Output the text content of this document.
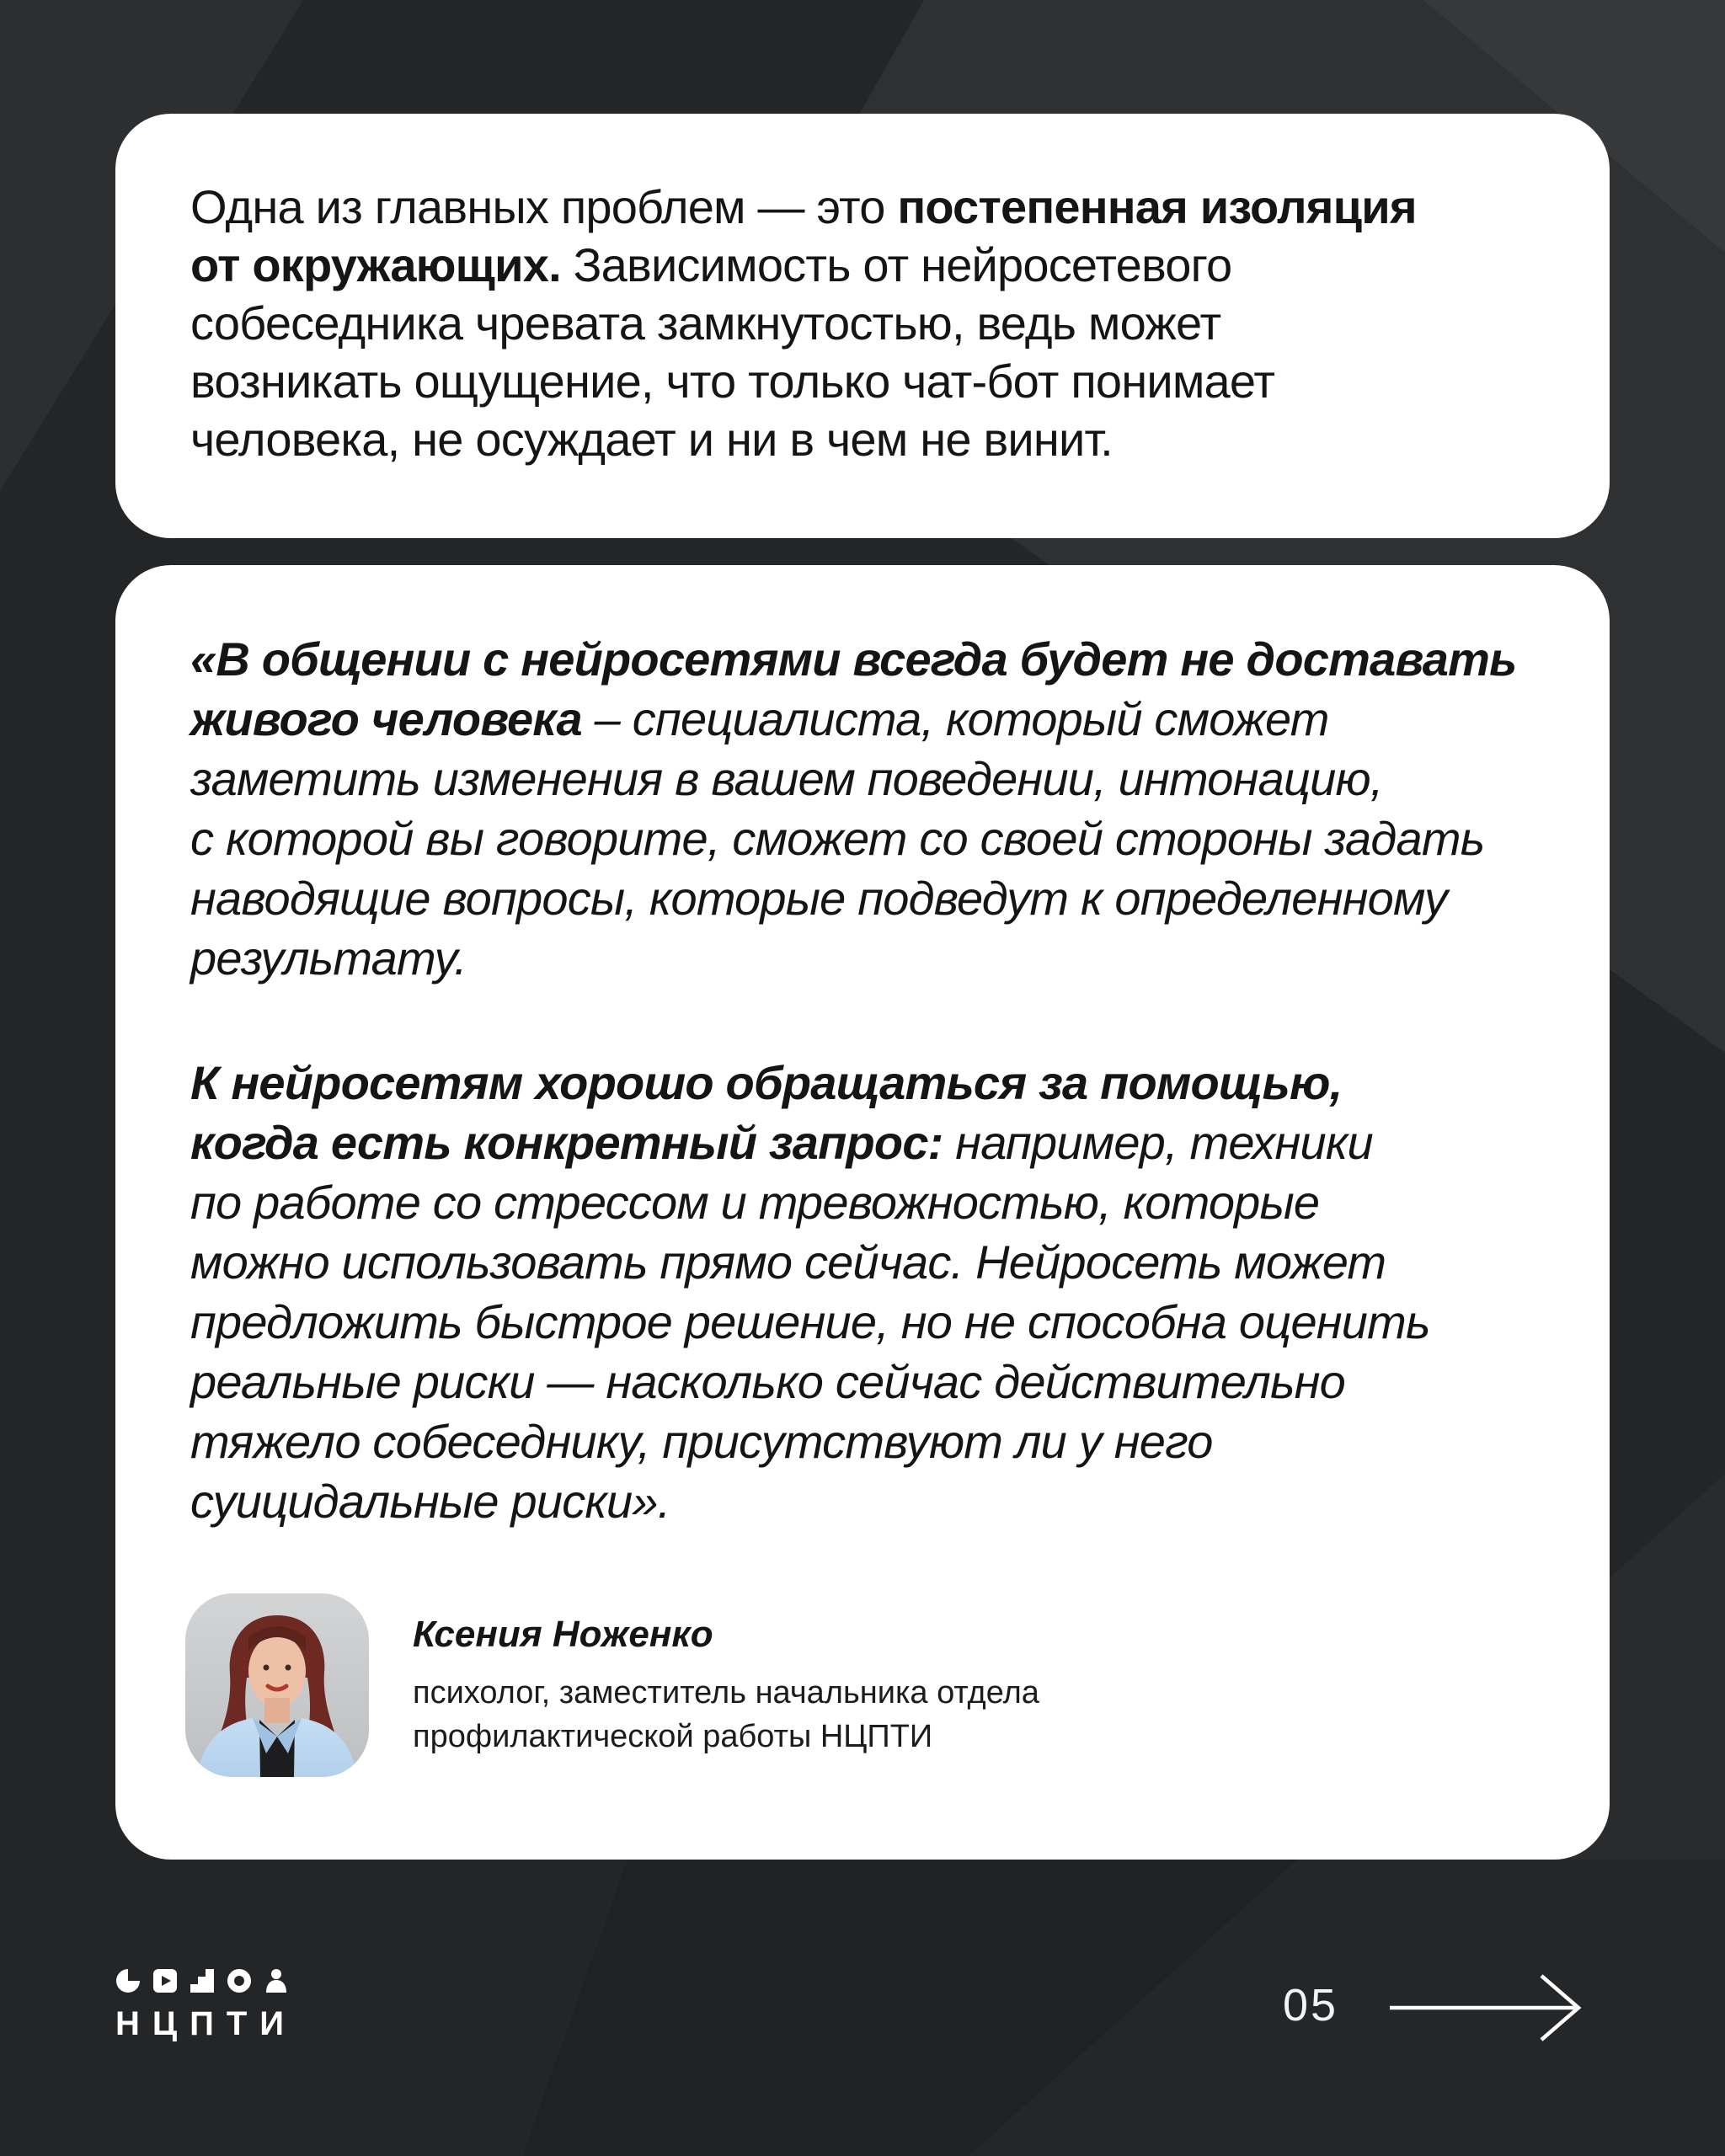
Одна из главных проблем — это постепенная изоляция
от окружающих. Зависимость от нейросетевого
собеседника чревата замкнутостью, ведь может
возникать ощущение, что только чат-бот понимает
человека, не осуждает и ни в чем не винит.
«В общении с нейросетями всегда будет не доставать
живого человека – специалиста, который сможет
заметить изменения в вашем поведении, интонацию,
с которой вы говорите, сможет со своей стороны задать
наводящие вопросы, которые подведут к определенному
результату.
К нейросетям хорошо обращаться за помощью,
когда есть конкретный запрос: например, техники
по работе со стрессом и тревожностью, которые
можно использовать прямо сейчас. Нейросеть может
предложить быстрое решение, но не способна оценить
реальные риски — насколько сейчас действительно
тяжело собеседнику, присутствуют ли у него
суицидальные риски».
Ксения Ноженко
психолог, заместитель начальника отдела
профилактической работы НЦПТИ
НЦПТИ	05
